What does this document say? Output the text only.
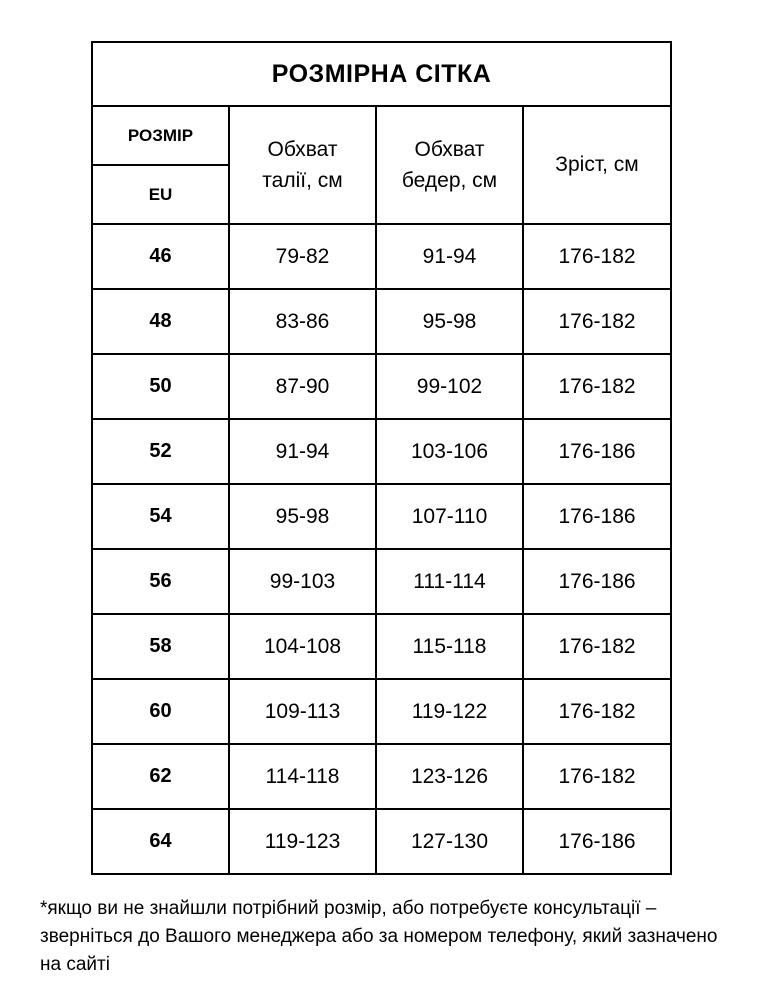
РОЗМІРНА СІТКА			
РОЗМІР	Обхват талії, см	Обхват бедер, см	Зріст, см
EU			
46	79-82	91-94	176-182
48	83-86	95-98	176-182
50	87-90	99-102	176-182
52	91-94	103-106	176-186
54	95-98	107-110	176-186
56	99-103	111-114	176-186
58	104-108	115-118	176-182
60	109-113	119-122	176-182
62	114-118	123-126	176-182
64	119-123	127-130	176-186

*якщо ви не знайшли потрібний розмір, або потребуєте консультації – зверніться до Вашого менеджера або за номером телефону, який зазначено на сайті
